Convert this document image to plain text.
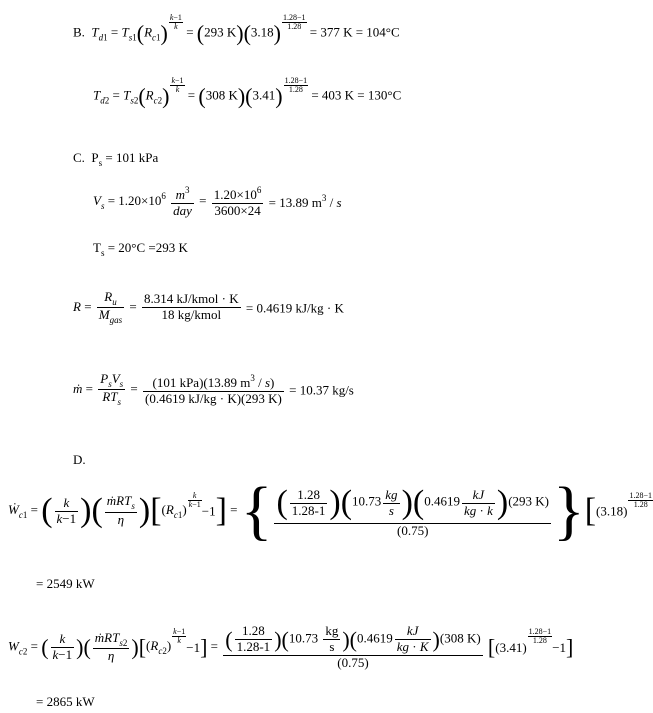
B. $T_{d1} = T_{s1}(R_{c1}) \frac{k-1}{k}$
= (293 $K)(3.18) \frac{1.28-1}{1.28}$
= 377 K = 104°C
$T_{d2} = T_{s2}(R_{c2}) \frac{k-1}{k}$
= (308 $K)(3.41) \frac{1.28-1}{1.28}$
= 403 K = 130°C
C. $P_s = 101$ kPa
$V_s = 1.20\times 10^6 \frac{m^3}{\text{day}} = \frac{1.20\times 10^6}{3600\times 24} = 13.89$ $m^3$ / s
$T_s = 20^\circ C =293$ K
$R = \frac{R_u}{M_{gas}} = \frac{\text{8.314 kJ/kmol · K}}{\text{18 kg/kmol}} = 0.4619$ kJ/kg · K
ṁ = $\frac{P_sV_s}{RT_s} = \frac{(101 kPa)(13.89 m^3 / s)}{(0.4619 kJ/kg \cdot K)(293 K)} = 10.37$ kg/s
D.
Ẇ$_{c1}$ = ( $\frac{k}{k-1}$ )( $\frac{ṁRT_s}{\eta} )[(R_{c1}) \frac{k}{k-1}$
−1] = { $\frac{( \frac{1.28}{1.28-1} )(10.73 \frac{kg}{s} )(0.4619 \frac{kJ}{kg \cdot k} )(293 K)}{(0.75)} \}[(3.18)$
$\frac{1.28-1}{1.28}$
= 2549 kW
$W_{c2}$ = ( $\frac{k}{k-1}$ )( $\frac{ṁRT_{s2}}{\eta} )[(R_{c2}) \frac{k-1}{k}$
$-1] = \frac{( \frac{1.28}{1.28-1} )(10.73 \frac{kg}{s} )(0.4619 \frac{kJ}{kg \cdot K} )(308 K)}{(0.75)} [(3.41)$
$\frac{1.28-1}{1.28}$
−1]
= 2865 kW
